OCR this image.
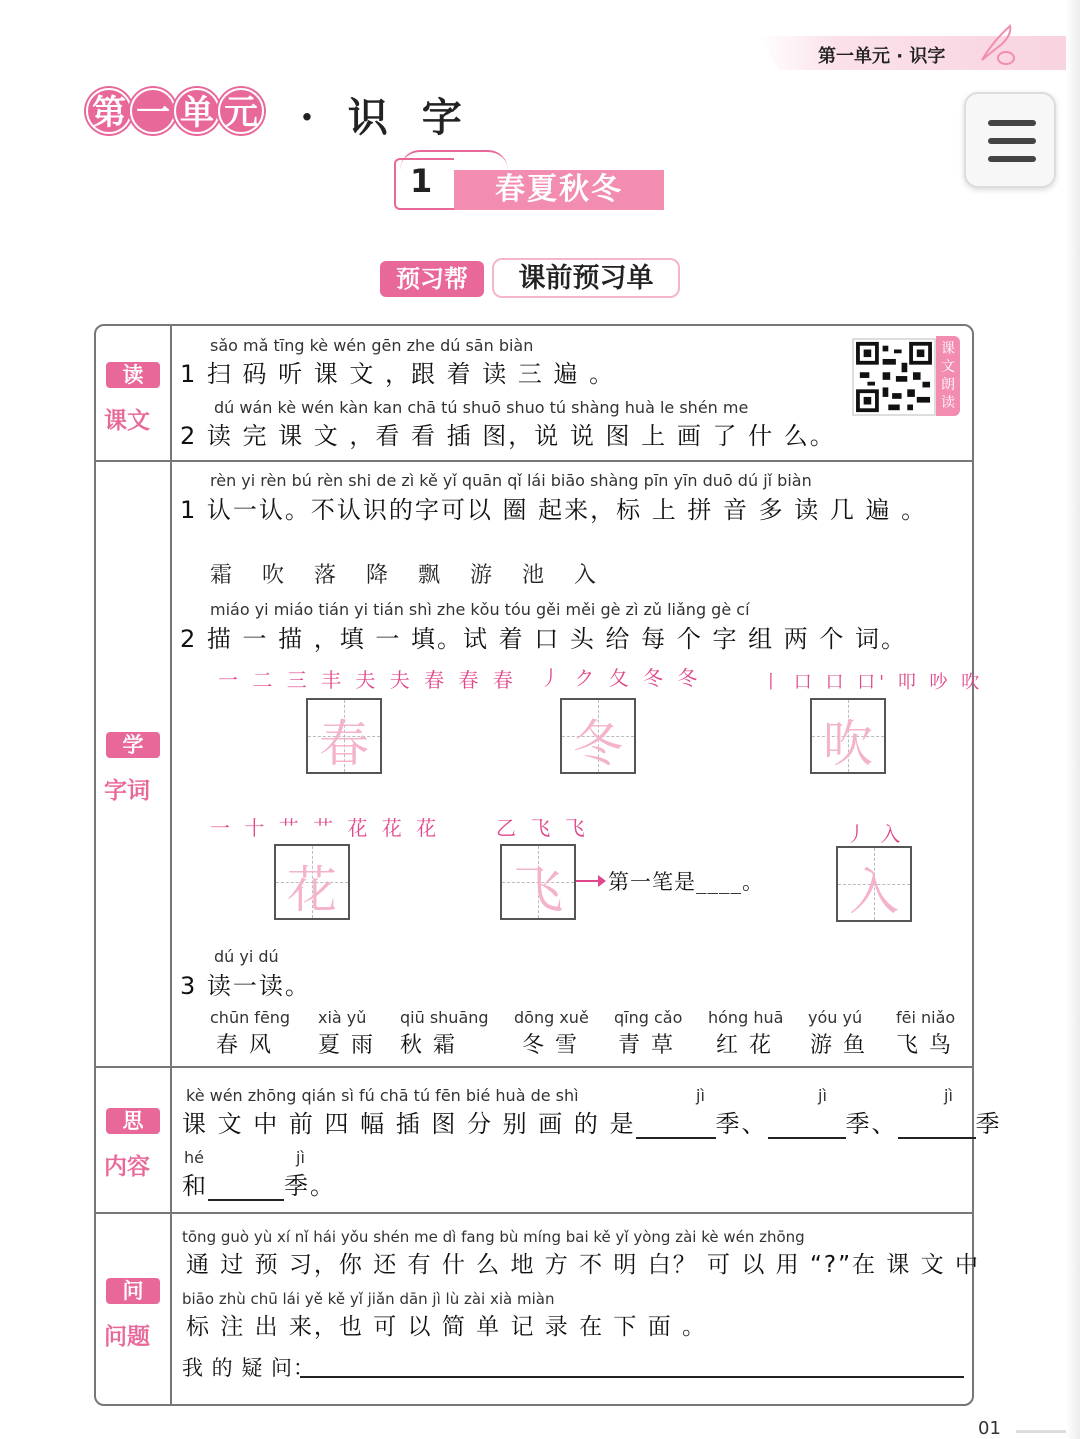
第一单元 · 识字
第 一 单 元 · 识 字
1	春夏秋冬
预习帮	课前预习单
读
课文
sǎo mǎ tīng kè wén gēn zhe dú sān biàn
1 扫 码 听 课 文 ，跟 着 读 三 遍 。
dú wán kè wén kàn kan chā tú shuō shuo tú shàng huà le shén me
2 读 完 课 文 ，看 看 插 图，说 说 图 上 画 了 什 么。
课文朗读
学
字词
rèn yi rèn bú rèn shi de zì kě yǐ quān qǐ lái biāo shàng pīn yīn duō dú jǐ biàn
1 认一认。不认识的字可以 圈 起来，标 上 拼 音 多 读 几 遍 。
霜 吹 落 降 飘 游 池 入
miáo yi miáo tián yi tián shì zhe kǒu tóu gěi měi gè zì zǔ liǎng gè cí
2 描 一 描 ，填 一 填。试 着 口 头 给 每 个 字 组 两 个 词。
一 二 三 丰 夫 夫 春 春 春 丿 ク 夂 冬 冬	丨 口 口 口' 叩 吵 吹
春	冬	吹
一 十 艹 艹 花 花 花	乙 飞 飞	丿 入
花	飞	第一笔是____。 入
dú yi dú
3 读一读。
chūn fēng
春 风
xià yǔ
夏 雨
qiū shuāng
秋 霜
dōng xuě
冬 雪
qīng cǎo
青 草
hóng huā
红 花
yóu yú
游 鱼
fēi niǎo
飞 鸟
思
内容
kè wén zhōng qián sì fú chā tú fēn bié huà de shì	jì	jì	jì
课 文 中 前 四 幅 插 图 分 别 画 的 是	季、	季、	季
hé	jì
和	季。
问
问题
tōng guò yù xí nǐ hái yǒu shén me dì fang bù míng bai kě yǐ yòng zài kè wén zhōng
通 过 预 习，你 还 有 什 么 地 方 不 明 白？ 可 以 用 “?”在 课 文 中
biāo zhù chū lái yě kě yǐ jiǎn dān jì lù zài xià miàn
标 注 出 来，也 可 以 简 单 记 录 在 下 面 。
我 的 疑 问：
01
